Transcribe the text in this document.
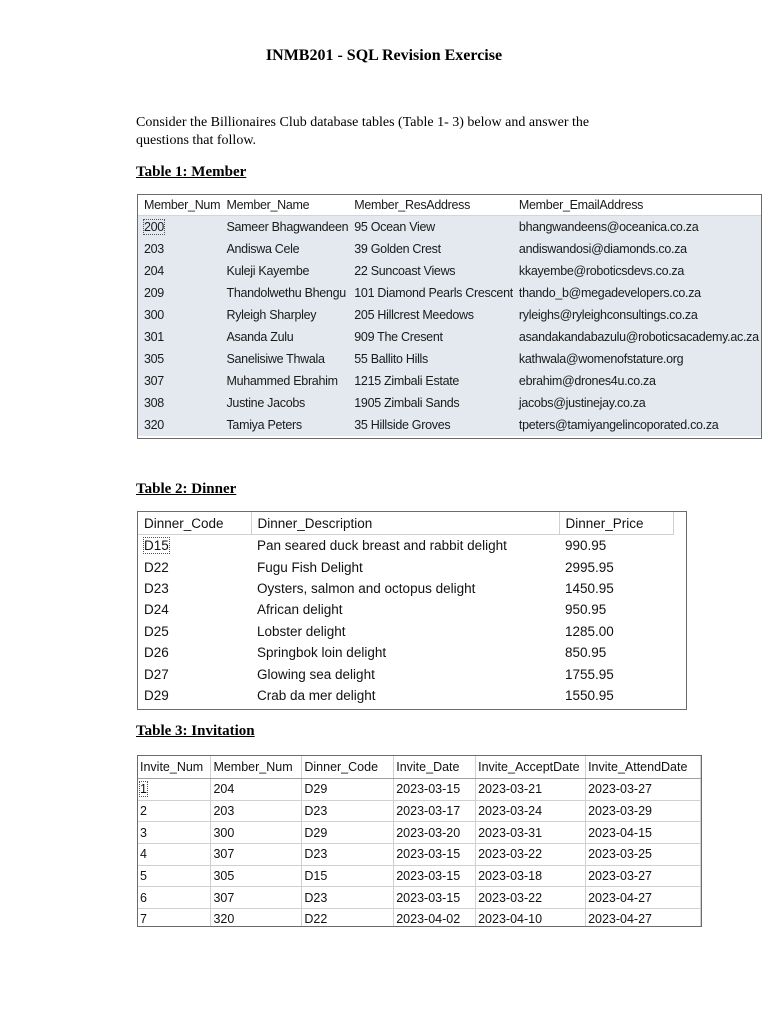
INMB201 - SQL Revision Exercise
Consider the Billionaires Club database tables (Table 1- 3) below and answer the
questions that follow.
Table 1: Member
Member_Num	Member_Name	Member_ResAddress	Member_EmailAddress
200	Sameer Bhagwandeen	95 Ocean View	bhangwandeens@oceanica.co.za
203	Andiswa Cele	39 Golden Crest	andiswandosi@diamonds.co.za
204	Kuleji Kayembe	22 Suncoast Views	kkayembe@roboticsdevs.co.za
209	Thandolwethu Bhengu	101 Diamond Pearls Crescent	thando_b@megadevelopers.co.za
300	Ryleigh Sharpley	205 Hillcrest Meedows	ryleighs@ryleighconsultings.co.za
301	Asanda Zulu	909 The Cresent	asandakandabazulu@roboticsacademy.ac.za
305	Sanelisiwe Thwala	55 Ballito Hills	kathwala@womenofstature.org
307	Muhammed Ebrahim	1215 Zimbali Estate	ebrahim@drones4u.co.za
308	Justine Jacobs	1905 Zimbali Sands	jacobs@justinejay.co.za
320	Tamiya Peters	35 Hillside Groves	tpeters@tamiyangelincoporated.co.za
Table 2: Dinner
Dinner_Code	Dinner_Description	Dinner_Price
D15	Pan seared duck breast and rabbit delight	990.95
D22	Fugu Fish Delight	2995.95
D23	Oysters, salmon and octopus delight	1450.95
D24	African delight	950.95
D25	Lobster delight	1285.00
D26	Springbok loin delight	850.95
D27	Glowing sea delight	1755.95
D29	Crab da mer delight	1550.95
Table 3: Invitation
Invite_Num	Member_Num	Dinner_Code	Invite_Date	Invite_AcceptDate	Invite_AttendDate
1	204	D29	2023-03-15	2023-03-21	2023-03-27
2	203	D23	2023-03-17	2023-03-24	2023-03-29
3	300	D29	2023-03-20	2023-03-31	2023-04-15
4	307	D23	2023-03-15	2023-03-22	2023-03-25
5	305	D15	2023-03-15	2023-03-18	2023-03-27
6	307	D23	2023-03-15	2023-03-22	2023-04-27
7	320	D22	2023-04-02	2023-04-10	2023-04-27
